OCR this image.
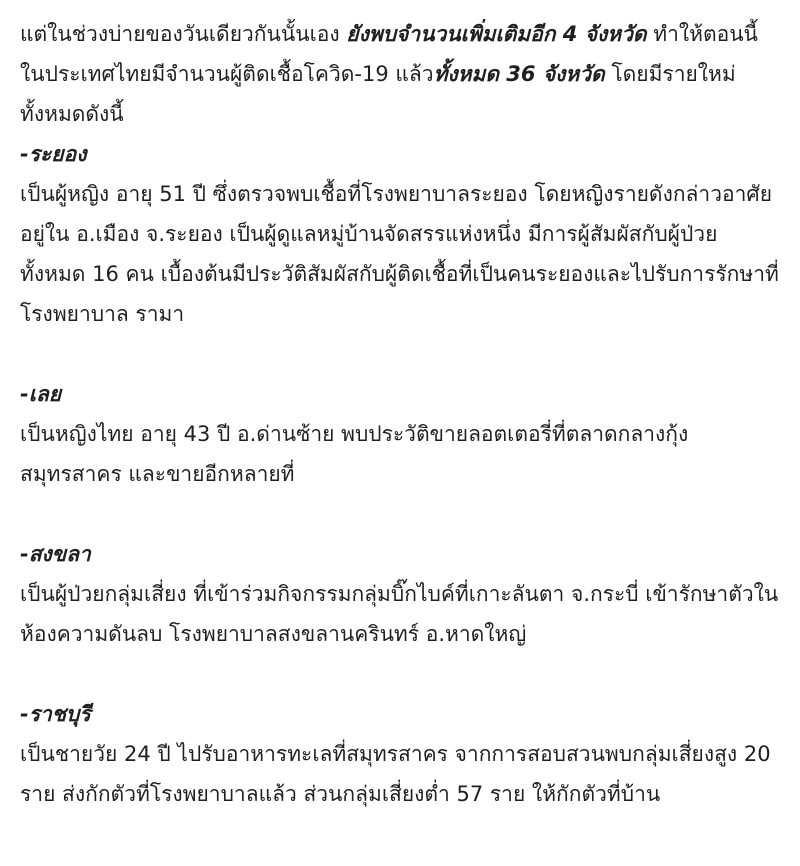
แต่ในช่วงบ่ายของวันเดียวกันนั้นเอง ยังพบจำนวนเพิ่มเติมอีก 4 จังหวัด ทำให้ตอนนี้ในประเทศไทยมีจำนวนผู้ติดเชื้อโควิด-19 แล้วทั้งหมด 36 จังหวัด โดยมีรายใหม่ทั้งหมดดังนี้

-ระยอง

เป็นผู้หญิง อายุ 51 ปี ซึ่งตรวจพบเชื้อที่โรงพยาบาลระยอง โดยหญิงรายดังกล่าวอาศัยอยู่ใน อ.เมือง จ.ระยอง เป็นผู้ดูแลหมู่บ้านจัดสรรแห่งหนึ่ง มีการผู้สัมผัสกับผู้ป่วยทั้งหมด 16 คน เบื้องต้นมีประวัติสัมผัสกับผู้ติดเชื้อที่เป็นคนระยองและไปรับการรักษาที่ โรงพยาบาล รามา

-เลย

เป็นหญิงไทย อายุ 43 ปี อ.ด่านซ้าย พบประวัติขายลอตเตอรี่ที่ตลาดกลางกุ้ง สมุทรสาคร และขายอีกหลายที่

-สงขลา

เป็นผู้ป่วยกลุ่มเสี่ยง ที่เข้าร่วมกิจกรรมกลุ่มบิ๊กไบค์ที่เกาะลันตา จ.กระบี่ เข้ารักษาตัวในห้องความดันลบ โรงพยาบาลสงขลานครินทร์ อ.หาดใหญ่

-ราชบุรี

เป็นชายวัย 24 ปี ไปรับอาหารทะเลที่สมุทรสาคร จากการสอบสวนพบกลุ่มเสี่ยงสูง 20 ราย ส่งกักตัวที่โรงพยาบาลแล้ว ส่วนกลุ่มเสี่ยงต่ำ 57 ราย ให้กักตัวที่บ้าน
